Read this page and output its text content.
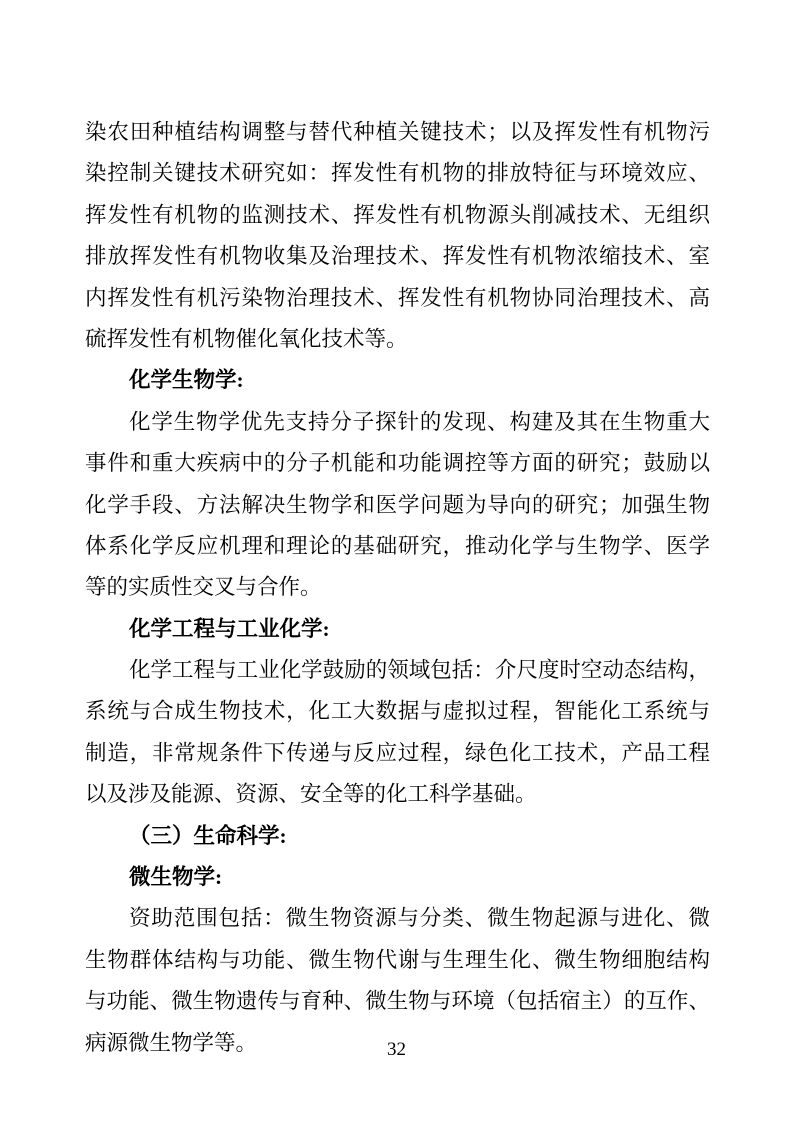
染农田种植结构调整与替代种植关键技术；以及挥发性有机物污
染控制关键技术研究如：挥发性有机物的排放特征与环境效应、
挥发性有机物的监测技术、挥发性有机物源头削减技术、无组织
排放挥发性有机物收集及治理技术、挥发性有机物浓缩技术、室
内挥发性有机污染物治理技术、挥发性有机物协同治理技术、高
硫挥发性有机物催化氧化技术等。
化学生物学:
化学生物学优先支持分子探针的发现、构建及其在生物重大
事件和重大疾病中的分子机能和功能调控等方面的研究；鼓励以
化学手段、方法解决生物学和医学问题为导向的研究；加强生物
体系化学反应机理和理论的基础研究，推动化学与生物学、医学
等的实质性交叉与合作。
化学工程与工业化学:
化学工程与工业化学鼓励的领域包括：介尺度时空动态结构，
系统与合成生物技术，化工大数据与虚拟过程，智能化工系统与
制造，非常规条件下传递与反应过程，绿色化工技术，产品工程
以及涉及能源、资源、安全等的化工科学基础。
（三）生命科学:
微生物学:
资助范围包括：微生物资源与分类、微生物起源与进化、微
生物群体结构与功能、微生物代谢与生理生化、微生物细胞结构
与功能、微生物遗传与育种、微生物与环境（包括宿主）的互作、
病源微生物学等。	32
